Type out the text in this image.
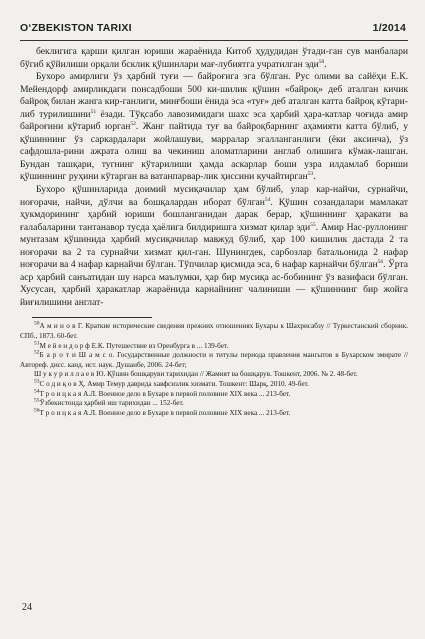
O‘ZBEKISTON TARIXI	1/2014

беклигига қарши қилган юриши жараёнида Китоб ҳудудидан ўтади-ган сув манбалари бўгиб қўйилиши орқали бсклик қўшинлари мағ-лубиятга учратилган эди$^{50}$.

Бухоро амирлиги ўз ҳарбий туғи — байроғига эга бўлган. Рус олими ва сайёҳи Е.К. Мейендорф амирликдаги понсадбоши 500 ки-шилик қўшин «байроқ» деб аталган кичик байроқ билан жанга кир-ганлиги, минғбоши ёнида эса «туғ» деб аталган катта байроқ кўтари-либ турилишини$^{51}$ ёзади. Тўқсабо лавозимидаги шахс эса ҳарбий ҳара-катлар чоғида амир байроғини кўтариб юрган$^{52}$. Жанг пайтида туғ ва байроқбарнинг аҳамияти катта бўлиб, у қўшиннинг ўз саркардалари жойлашуви, марралар эгалланганлиги (ёки аксинча), ўз сафдошла-рини ажрата олиш ва чекиниш аломатларини англаб олишига кўмак-лашган. Бундан ташқари, тугнинг кўтарилиши ҳамда аскарлар боши узра илдамлаб бориши қўшиннинг руҳини кўтарган ва ватанпарвар-лик ҳиссини кучайтирган$^{53}$.

Бухоро қўшинларида доимий мусиқачилар ҳам бўлиб, улар кар-найчи, сурнайчи, ноғорачи, найчи, дўлчи ва бошқалардан иборат бўлган$^{54}$. Қўшин созандалари мамлакат ҳукмдорининг ҳарбий юриши бошланганидан дарак берар, қўшиннинг ҳаракати ва ғалабаларини тантанавор тусда ҳаёлига билдиришга хизмат қилар эди$^{55}$. Амир Нас-руллонинг мунтазам қўшинида ҳарбий мусиқачилар мавжуд бўлиб, ҳар 100 кишилик дастада 2 та ноғорачи ва 2 та сурнайчи хизмат қил-ган. Шунингдек, сарбозлар батальонида 2 нафар ноғорачи ва 4 нафар карнайчи бўлган. Тўпчилар қисмида эса, 6 нафар карнайчи бўлган$^{56}$. Ўрта аср ҳарбий санъатидан шу нарса маълумки, ҳар бир мусиқа ас-бобининг ўз вазифаси бўлган. Хусусан, ҳарбий ҳаракатлар жараёнида карнайнинг чалиниши — қўшиннинг бир жойга йиғилишини англат-

$^{50}$А м и н о в Г. Краткие исторические сведения прежних отношениях Бухары к Шахрисабзу // Туркестанский сборник. СПб., 1873. 60-бет.

$^{51}$М е й е н д о р ф Е.К. Путешествие из Оренбурга в ... 139-бет.

$^{52}$Б а р о т и Ш а м с о. Государственные должности и титулы периода правления мангытов в Бухарском эмирате // Автореф. дисс. канд. ист. наук. Душанбе, 2006. 24-бет;

Ш у к у р и л л а е в Ю. Қўшин бошқаруви тарихидан // Жамият ва бошқарув. Тошкент, 2006. № 2. 48-бет.

$^{53}$С о д и қ о в Ҳ. Амир Темур даврида хавфсизлик хизмати. Тошкент: Шарқ, 2010. 49-бет.

$^{54}$Т р о и ц к а я А.Л. Военное дело в Бухаре в первой половине XIX века ... 213-бет.

$^{55}$Ўзбекистонда ҳарбий иш тарихидан ... 152-бет.

$^{56}$Т р о и ц к а я А.Л. Военное дело в Бухаре в первой половине XIX века ... 213-бет.

24
